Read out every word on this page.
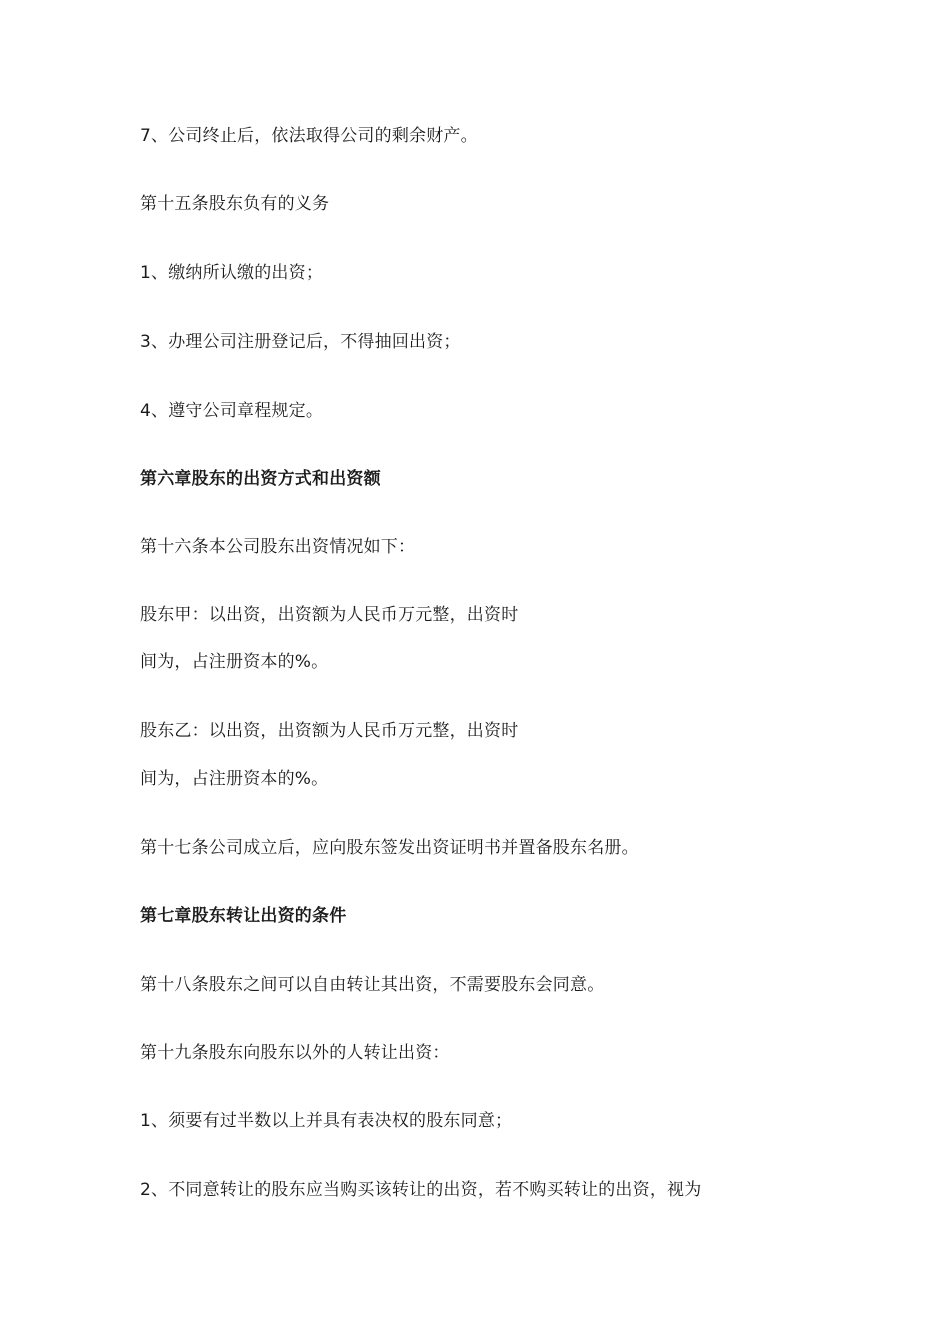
7、公司终止后，依法取得公司的剩余财产。
第十五条股东负有的义务
1、缴纳所认缴的出资；
3、办理公司注册登记后，不得抽回出资；
4、遵守公司章程规定。
第六章股东的出资方式和出资额
第十六条本公司股东出资情况如下：
股东甲：以出资，出资额为人民币万元整，出资时
间为，占注册资本的%。
股东乙：以出资，出资额为人民币万元整，出资时
间为，占注册资本的%。
第十七条公司成立后，应向股东签发出资证明书并置备股东名册。
第七章股东转让出资的条件
第十八条股东之间可以自由转让其出资，不需要股东会同意。
第十九条股东向股东以外的人转让出资：
1、须要有过半数以上并具有表决权的股东同意；
2、不同意转让的股东应当购买该转让的出资，若不购买转让的出资，视为
